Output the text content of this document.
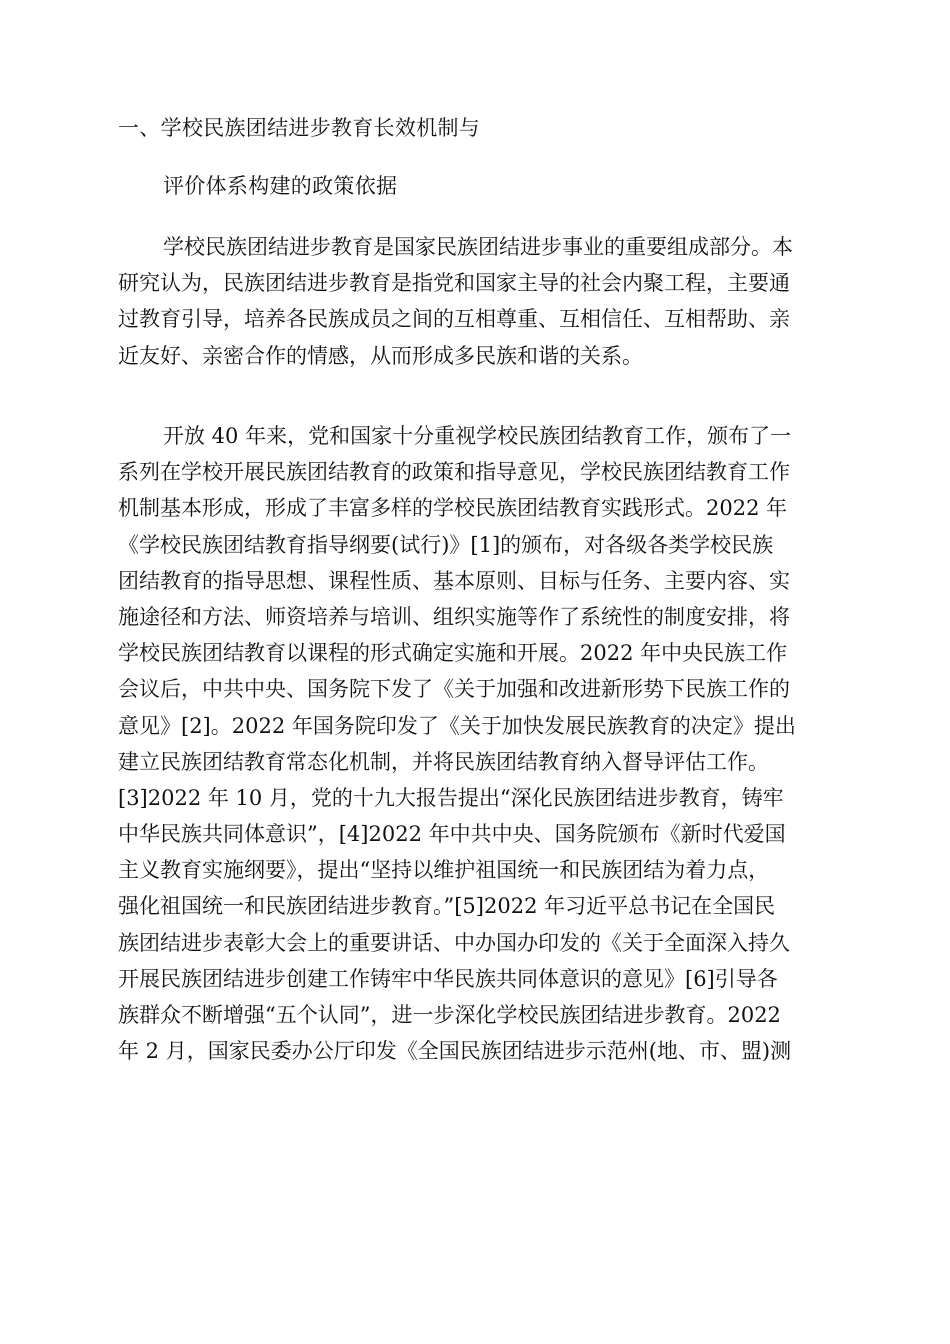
一、学校民族团结进步教育长效机制与
评价体系构建的政策依据
学校民族团结进步教育是国家民族团结进步事业的重要组成部分。本
研究认为，民族团结进步教育是指党和国家主导的社会内聚工程，主要通
过教育引导，培养各民族成员之间的互相尊重、互相信任、互相帮助、亲
近友好、亲密合作的情感，从而形成多民族和谐的关系。
开放 40 年来，党和国家十分重视学校民族团结教育工作，颁布了一
系列在学校开展民族团结教育的政策和指导意见，学校民族团结教育工作
机制基本形成，形成了丰富多样的学校民族团结教育实践形式。2022 年
《学校民族团结教育指导纲要(试行)》[1]的颁布，对各级各类学校民族
团结教育的指导思想、课程性质、基本原则、目标与任务、主要内容、实
施途径和方法、师资培养与培训、组织实施等作了系统性的制度安排，将
学校民族团结教育以课程的形式确定实施和开展。2022 年中央民族工作
会议后，中共中央、国务院下发了《关于加强和改进新形势下民族工作的
意见》[2]。2022 年国务院印发了《关于加快发展民族教育的决定》提出
建立民族团结教育常态化机制，并将民族团结教育纳入督导评估工作。
[3]2022 年 10 月，党的十九大报告提出“深化民族团结进步教育，铸牢
中华民族共同体意识”，[4]2022 年中共中央、国务院颁布《新时代爱国
主义教育实施纲要》，提出“坚持以维护祖国统一和民族团结为着力点，
强化祖国统一和民族团结进步教育。”[5]2022 年习近平总书记在全国民
族团结进步表彰大会上的重要讲话、中办国办印发的《关于全面深入持久
开展民族团结进步创建工作铸牢中华民族共同体意识的意见》[6]引导各
族群众不断增强“五个认同”，进一步深化学校民族团结进步教育。2022
年 2 月，国家民委办公厅印发《全国民族团结进步示范州(地、市、盟)测
